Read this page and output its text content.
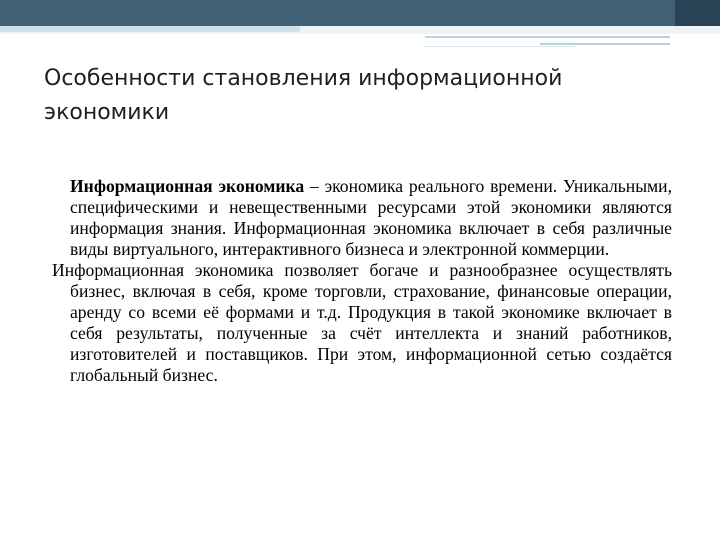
Особенности становления информационной экономики

Информационная экономика – экономика реального времени. Уникальными, специфическими и невещественными ресурсами этой экономики являются информация знания. Информационная экономика включает в себя различные виды виртуального, интерактивного бизнеса и электронной коммерции.

Информационная экономика позволяет богаче и разнообразнее осуществлять бизнес, включая в себя, кроме торговли, страхование, финансовые операции, аренду со всеми её формами и т.д. Продукция в такой экономике включает в себя результаты, полученные за счёт интеллекта и знаний работников, изготовителей и поставщиков. При этом, информационной сетью создаётся глобальный бизнес.
